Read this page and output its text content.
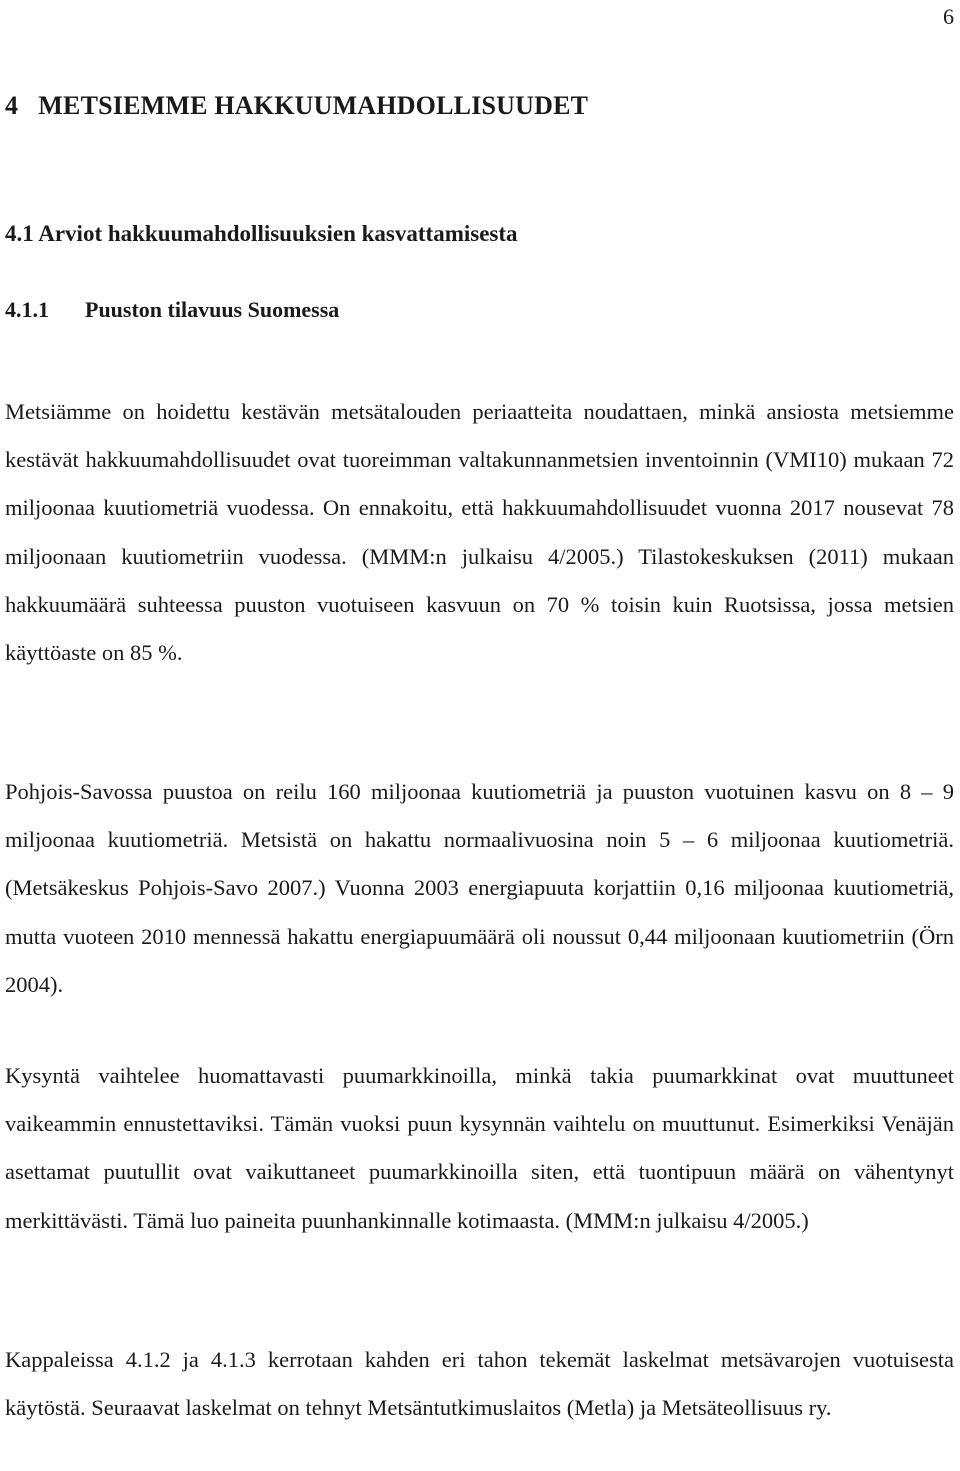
6
4   METSIEMME HAKKUUMAHDOLLISUUDET
4.1 Arviot hakkuumahdollisuuksien kasvattamisesta
4.1.1 Puuston tilavuus Suomessa

Metsiämme on hoidettu kestävän metsätalouden periaatteita noudattaen, minkä ansiosta metsiemme kestävät hakkuumahdollisuudet ovat tuoreimman valtakunnanmetsien inventoinnin (VMI10) mukaan 72 miljoonaa kuutiometriä vuodessa. On ennakoitu, että hakkuumahdollisuudet vuonna 2017 nousevat 78 miljoonaan kuutiometriin vuodessa. (MMM:n julkaisu 4/2005.) Tilastokeskuksen (2011) mukaan hakkuumäärä suhteessa puuston vuotuiseen kasvuun on 70 % toisin kuin Ruotsissa, jossa metsien käyttöaste on 85 %.

Pohjois-Savossa puustoa on reilu 160 miljoonaa kuutiometriä ja puuston vuotuinen kasvu on 8 – 9 miljoonaa kuutiometriä. Metsistä on hakattu normaalivuosina noin 5 – 6 miljoonaa kuutiometriä. (Metsäkeskus Pohjois-Savo 2007.) Vuonna 2003 energiapuuta korjattiin 0,16 miljoonaa kuutiometriä, mutta vuoteen 2010 mennessä hakattu energiapuumäärä oli noussut 0,44 miljoonaan kuutiometriin (Örn 2004).

Kysyntä vaihtelee huomattavasti puumarkkinoilla, minkä takia puumarkkinat ovat muuttuneet vaikeammin ennustettaviksi. Tämän vuoksi puun kysynnän vaihtelu on muuttunut. Esimerkiksi Venäjän asettamat puutullit ovat vaikuttaneet puumarkkinoilla siten, että tuontipuun määrä on vähentynyt merkittävästi. Tämä luo paineita puunhankinnalle kotimaasta. (MMM:n julkaisu 4/2005.)

Kappaleissa 4.1.2 ja 4.1.3 kerrotaan kahden eri tahon tekemät laskelmat metsävarojen vuotuisesta käytöstä. Seuraavat laskelmat on tehnyt Metsäntutkimuslaitos (Metla) ja Metsäteollisuus ry.
